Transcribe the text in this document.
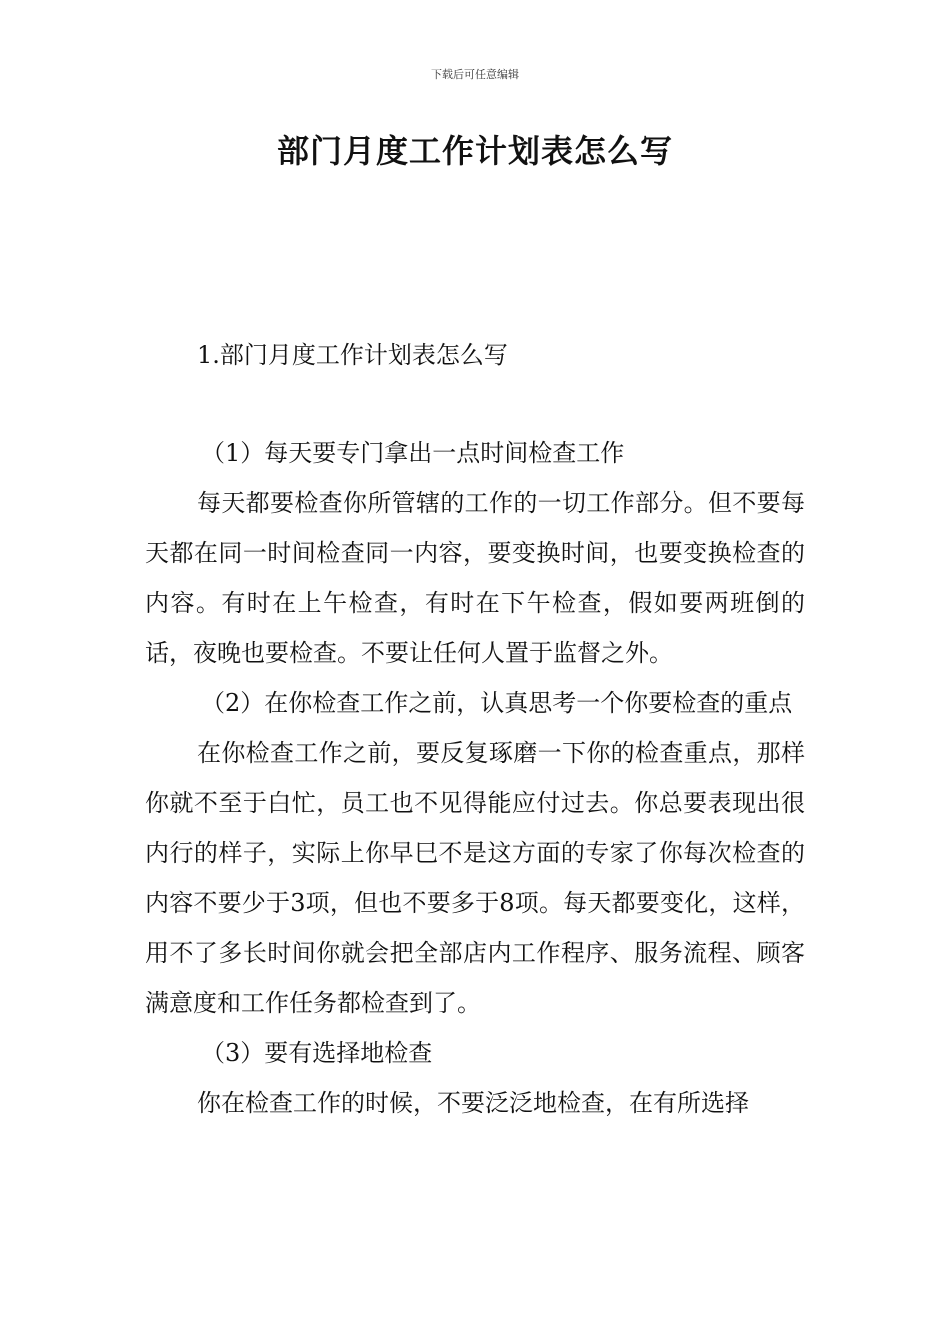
下载后可任意编辑
部门月度工作计划表怎么写

1.部门月度工作计划表怎么写

（1）每天要专门拿出一点时间检查工作

每天都要检查你所管辖的工作的一切工作部分。但不要每天都在同一时间检查同一内容，要变换时间，也要变换检查的内容。有时在上午检查，有时在下午检查，假如要两班倒的话，夜晚也要检查。不要让任何人置于监督之外。

（2）在你检查工作之前，认真思考一个你要检查的重点

在你检查工作之前，要反复琢磨一下你的检查重点，那样你就不至于白忙，员工也不见得能应付过去。你总要表现出很内行的样子，实际上你早巳不是这方面的专家了你每次检查的内容不要少于3项，但也不要多于8项。每天都要变化，这样，用不了多长时间你就会把全部店内工作程序、服务流程、顾客满意度和工作任务都检查到了。

（3）要有选择地检查

你在检查工作的时候，不要泛泛地检查，在有所选择
